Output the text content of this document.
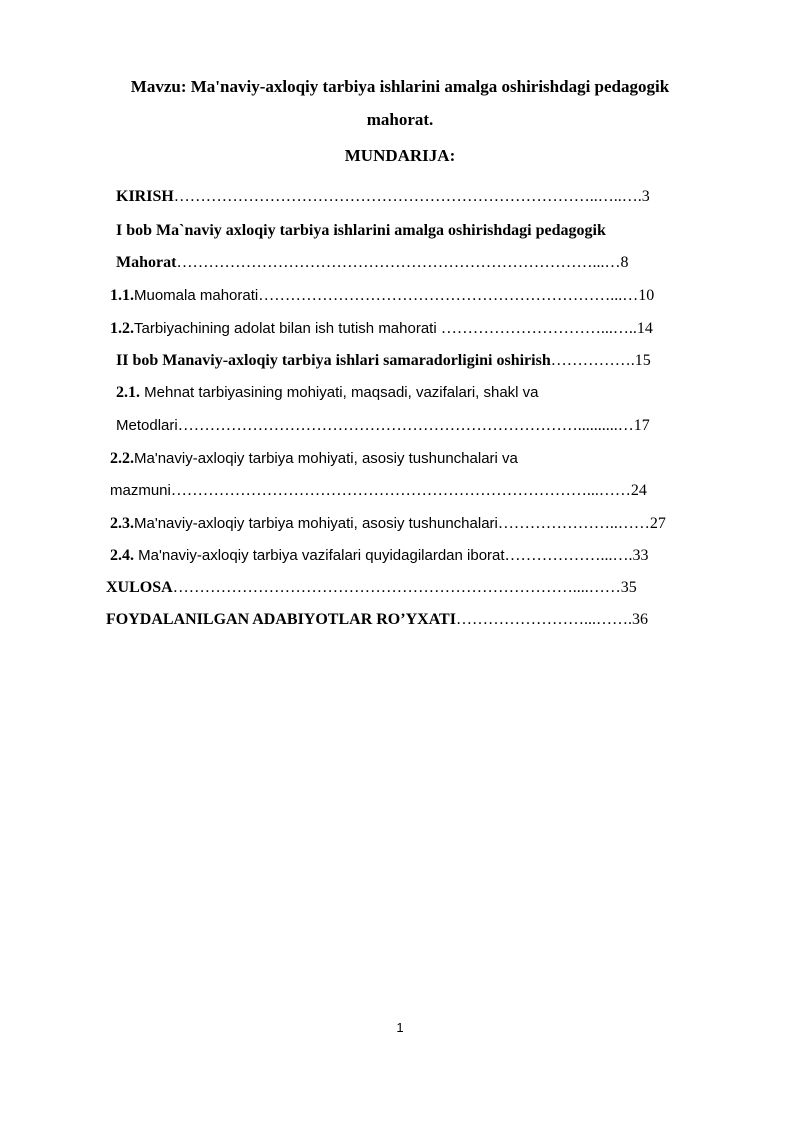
Mavzu: Ma'naviy-axloqiy tarbiya ishlarini amalga oshirishdagi pedagogik
mahorat.
MUNDARIJA:
KIRISH……………………………………………………………………..…..….3
I bob Ma`naviy axloqiy tarbiya ishlarini amalga oshirishdagi pedagogik
Mahorat……………………………………………………………………...…8
1.1.Muomala mahorati…………………………………………………………...…10
1.2.Tarbiyachining adolat bilan ish tutish mahorati …………………………...…..14
II bob Manaviy-axloqiy tarbiya ishlari samaradorligini oshirish…………….15
2.1. Mehnat tarbiyasining mohiyati, maqsadi, vazifalari, shakl va
Metodlari…………………………………………………………………..........…17
2.2.Ma'naviy-axloqiy tarbiya mohiyati, asosiy tushunchalari va
mazmuni……………………………………………………………………...……24
2.3.Ma'naviy-axloqiy tarbiya mohiyati, asosiy tushunchalari…………………..……27
2.4. Ma'naviy-axloqiy tarbiya vazifalari quyidagilardan iborat………………...….33
XULOSA…………………………………………………………………....……35
FOYDALANILGAN ADABIYOTLAR RO’YXATI……………………...…….36
1
